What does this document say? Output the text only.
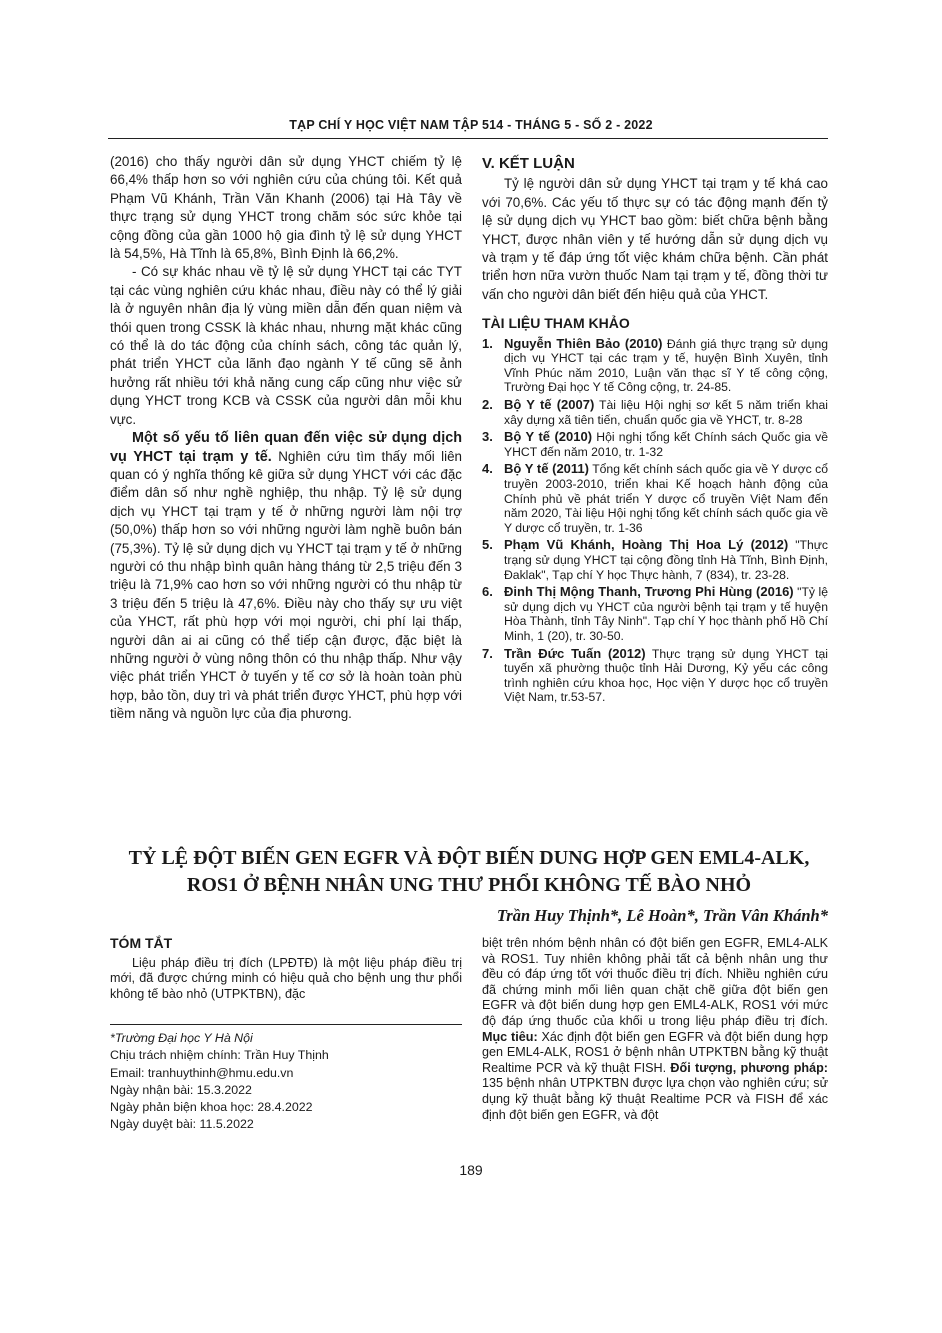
TẠP CHÍ Y HỌC VIỆT NAM TẬP 514 - THÁNG 5 - SỐ 2 - 2022

(2016) cho thấy người dân sử dụng YHCT chiếm tỷ lệ 66,4% thấp hơn so với nghiên cứu của chúng tôi. Kết quả Phạm Vũ Khánh, Trần Văn Khanh (2006) tại Hà Tây về thực trạng sử dụng YHCT trong chăm sóc sức khỏe tại cộng đồng của gần 1000 hộ gia đình tỷ lệ sử dụng YHCT là 54,5%, Hà Tĩnh là 65,8%, Bình Định là 66,2%.

- Có sự khác nhau về tỷ lệ sử dụng YHCT tại các TYT tại các vùng nghiên cứu khác nhau, điều này có thể lý giải là ở nguyên nhân địa lý vùng miền dẫn đến quan niệm và thói quen trong CSSK là khác nhau, nhưng mặt khác cũng có thể là do tác động của chính sách, công tác quản lý, phát triển YHCT của lãnh đạo ngành Y tế cũng sẽ ảnh hưởng rất nhiều tới khả năng cung cấp cũng như việc sử dụng YHCT trong KCB và CSSK của người dân mỗi khu vực.

Một số yếu tố liên quan đến việc sử dụng dịch vụ YHCT tại trạm y tế. Nghiên cứu tìm thấy mối liên quan có ý nghĩa thống kê giữa sử dụng YHCT với các đặc điểm dân số như nghề nghiệp, thu nhập. Tỷ lệ sử dụng dịch vụ YHCT tại trạm y tế ở những người làm nội trợ (50,0%) thấp hơn so với những người làm nghề buôn bán (75,3%). Tỷ lệ sử dụng dịch vụ YHCT tại trạm y tế ở những người có thu nhập bình quân hàng tháng từ 2,5 triệu đến 3 triệu là 71,9% cao hơn so với những người có thu nhập từ 3 triệu đến 5 triệu là 47,6%. Điều này cho thấy sự ưu việt của YHCT, rất phù hợp với mọi người, chi phí lại thấp, người dân ai ai cũng có thể tiếp cận được, đặc biệt là những người ở vùng nông thôn có thu nhập thấp. Như vậy việc phát triển YHCT ở tuyến y tế cơ sở là hoàn toàn phù hợp, bảo tồn, duy trì và phát triển được YHCT, phù hợp với tiềm năng và nguồn lực của địa phương.

V. KẾT LUẬN

Tỷ lệ người dân sử dụng YHCT tại trạm y tế khá cao với 70,6%. Các yếu tố thực sự có tác động mạnh đến tỷ lệ sử dụng dịch vụ YHCT bao gồm: biết chữa bệnh bằng YHCT, được nhân viên y tế hướng dẫn sử dụng dịch vụ và trạm y tế đáp ứng tốt việc khám chữa bệnh. Cần phát triển hơn nữa vườn thuốc Nam tại trạm y tế, đồng thời tư vấn cho người dân biết đến hiệu quả của YHCT.

TÀI LIỆU THAM KHẢO
1. Nguyễn Thiên Bảo (2010) Đánh giá thực trạng sử dụng dịch vụ YHCT tại các trạm y tế, huyện Bình Xuyên, tỉnh Vĩnh Phúc năm 2010, Luận văn thạc sĩ Y tế công cộng, Trường Đại học Y tế Công cộng, tr. 24-85.
2. Bộ Y tế (2007) Tài liệu Hội nghị sơ kết 5 năm triển khai xây dựng xã tiên tiến, chuẩn quốc gia về YHCT, tr. 8-28
3. Bộ Y tế (2010) Hội nghị tổng kết Chính sách Quốc gia về YHCT đến năm 2010, tr. 1-32
4. Bộ Y tế (2011) Tổng kết chính sách quốc gia về Y dược cổ truyền 2003-2010, triển khai Kế hoạch hành động của Chính phủ về phát triển Y dược cổ truyền Việt Nam đến năm 2020, Tài liệu Hội nghị tổng kết chính sách quốc gia về Y dược cổ truyền, tr. 1-36
5. Phạm Vũ Khánh, Hoàng Thị Hoa Lý (2012) "Thực trạng sử dụng YHCT tại cộng đồng tỉnh Hà Tĩnh, Bình Định, Đaklak", Tạp chí Y học Thực hành, 7 (834), tr. 23-28.
6. Đinh Thị Mộng Thanh, Trương Phi Hùng (2016) "Tỷ lệ sử dụng dịch vụ YHCT của người bệnh tại trạm y tế huyện Hòa Thành, tỉnh Tây Ninh". Tạp chí Y học thành phố Hồ Chí Minh, 1 (20), tr. 30-50.
7. Trần Đức Tuấn (2012) Thực trạng sử dụng YHCT tại tuyến xã phường thuộc tỉnh Hải Dương, Kỷ yếu các công trình nghiên cứu khoa học, Học viện Y dược học cổ truyền Việt Nam, tr.53-57.
TỶ LỆ ĐỘT BIẾN GEN EGFR VÀ ĐỘT BIẾN DUNG HỢP GEN EML4-ALK,
ROS1 Ở BỆNH NHÂN UNG THƯ PHỔI KHÔNG TẾ BÀO NHỎ
Trần Huy Thịnh*, Lê Hoàn*, Trần Vân Khánh*
TÓM TẮT

Liệu pháp điều trị đích (LPĐTĐ) là một liệu pháp điều trị mới, đã được chứng minh có hiệu quả cho bệnh ung thư phổi không tế bào nhỏ (UTPKTBN), đặc

*Trường Đại học Y Hà Nội
Chịu trách nhiệm chính: Trần Huy Thịnh
Email: tranhuythinh@hmu.edu.vn
Ngày nhận bài: 15.3.2022
Ngày phản biện khoa học: 28.4.2022
Ngày duyệt bài: 11.5.2022
biệt trên nhóm bệnh nhân có đột biến gen EGFR, EML4-ALK và ROS1. Tuy nhiên không phải tất cả bệnh nhân ung thư đều có đáp ứng tốt với thuốc điều trị đích. Nhiều nghiên cứu đã chứng minh mối liên quan chặt chẽ giữa đột biến gen EGFR và đột biến dung hợp gen EML4-ALK, ROS1 với mức độ đáp ứng thuốc của khối u trong liệu pháp điều trị đích. Mục tiêu: Xác định đột biến gen EGFR và đột biến dung hợp gen EML4-ALK, ROS1 ở bệnh nhân UTPKTBN bằng kỹ thuật Realtime PCR và kỹ thuật FISH. Đối tượng, phương pháp: 135 bệnh nhân UTPKTBN được lựa chọn vào nghiên cứu; sử dụng kỹ thuật bằng kỹ thuật Realtime PCR và FISH để xác định đột biến gen EGFR, và đột
189
